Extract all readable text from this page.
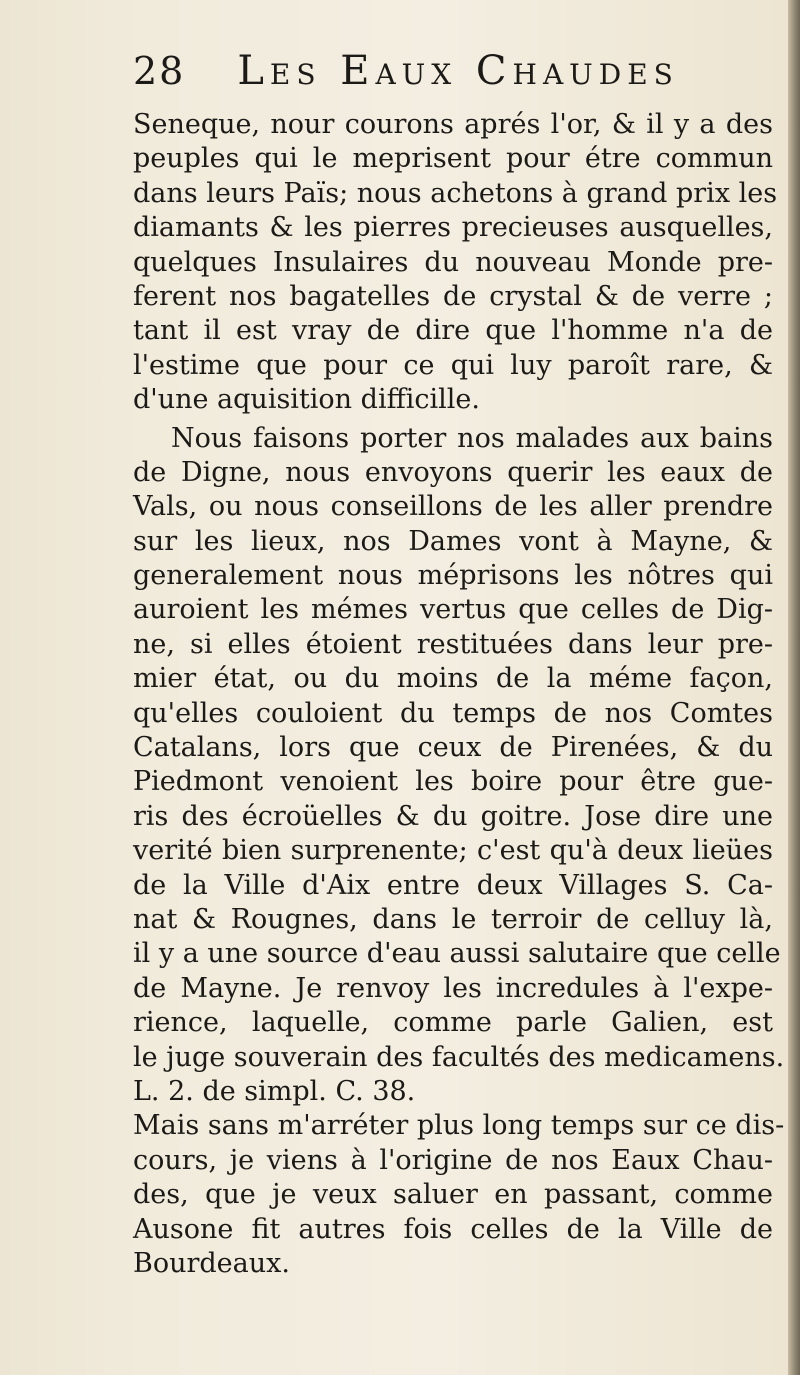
28 Les Eaux Chaudes
Seneque, nour courons aprés l'or, & il y a des
peuples qui le meprisent pour étre commun
dans leurs Païs; nous achetons à grand prix les
diamants & les pierres precieuses ausquelles,
quelques Insulaires du nouveau Monde pre-
ferent nos bagatelles de crystal & de verre ;
tant il est vray de dire que l'homme n'a de
l'estime que pour ce qui luy paroît rare, &
d'une aquisition difficille.
Nous faisons porter nos malades aux bains
de Digne, nous envoyons querir les eaux de
Vals, ou nous conseillons de les aller prendre
sur les lieux, nos Dames vont à Mayne, &
generalement nous méprisons les nôtres qui
auroient les mémes vertus que celles de Dig-
ne, si elles étoient restituées dans leur pre-
mier état, ou du moins de la méme façon,
qu'elles couloient du temps de nos Comtes
Catalans, lors que ceux de Pirenées, & du
Piedmont venoient les boire pour être gue-
ris des écroüelles & du goitre. Jose dire une
verité bien surprenente; c'est qu'à deux lieües
de la Ville d'Aix entre deux Villages S. Ca-
nat & Rougnes, dans le terroir de celluy là,
il y a une source d'eau aussi salutaire que celle
de Mayne. Je renvoy les incredules à l'expe-
rience, laquelle, comme parle Galien, est
le juge souverain des facultés des medicamens.
L. 2. de simpl. C. 38.
Mais sans m'arréter plus long temps sur ce dis-
cours, je viens à l'origine de nos Eaux Chau-
des, que je veux saluer en passant, comme
Ausone fit autres fois celles de la Ville de
Bourdeaux.
